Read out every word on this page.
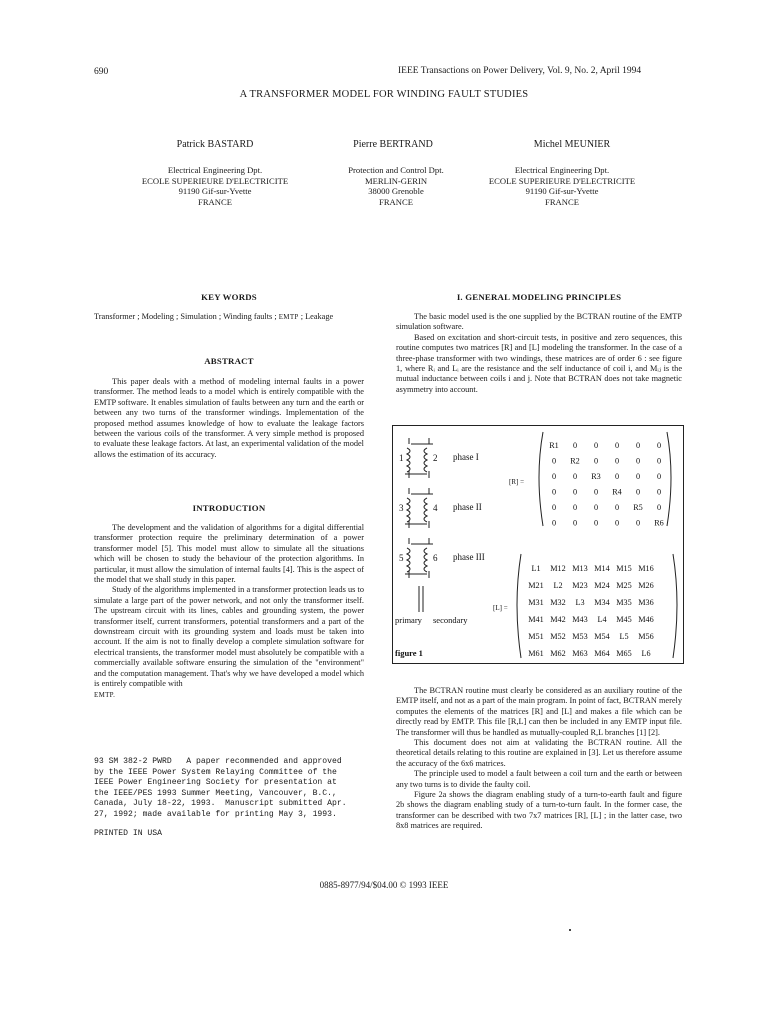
690	IEEE Transactions on Power Delivery, Vol. 9, No. 2, April 1994
A TRANSFORMER MODEL FOR WINDING FAULT STUDIES
Patrick BASTARD	Pierre BERTRAND	Michel MEUNIER
Electrical Engineering Dpt.
ECOLE SUPERIEURE D'ELECTRICITE
91190 Gif-sur-Yvette
FRANCE
Protection and Control Dpt.
MERLIN-GERIN
38000 Grenoble
FRANCE
Electrical Engineering Dpt.
ECOLE SUPERIEURE D'ELECTRICITE
91190 Gif-sur-Yvette
FRANCE
KEY WORDS
Transformer ; Modeling ; Simulation ; Winding faults ; EMTP ; Leakage
ABSTRACT

This paper deals with a method of modeling internal faults in a power transformer. The method leads to a model which is entirely compatible with the EMTP software. It enables simulation of faults between any turn and the earth or between any two turns of the transformer windings. Implementation of the proposed method assumes knowledge of how to evaluate the leakage factors between the various coils of the transformer. A very simple method is proposed to evaluate these leakage factors. At last, an experimental validation of the model allows the estimation of its accuracy.

INTRODUCTION

The development and the validation of algorithms for a digital differential transformer protection require the preliminary determination of a power transformer model [5]. This model must allow to simulate all the situations which will be chosen to study the behaviour of the protection algorithms. In particular, it must allow the simulation of internal faults [4]. This is the aspect of the model that we shall study in this paper.

Study of the algorithms implemented in a transformer protection leads us to simulate a large part of the power network, and not only the transformer itself. The upstream circuit with its lines, cables and grounding system, the power transformer itself, current transformers, potential transformers and a part of the downstream circuit with its grounding system and loads must be taken into account. If the aim is not to finally develop a complete simulation software for electrical transients, the transformer model must absolutely be compatible with a commercially available software ensuring the simulation of the "environment" and the computation management. That's why we have developed a model which is entirely compatible with

EMTP.

93 SM 382-2 PWRD   A paper recommended and approved
by the IEEE Power System Relaying Committee of the
IEEE Power Engineering Society for presentation at
the IEEE/PES 1993 Summer Meeting, Vancouver, B.C.,
Canada, July 18-22, 1993.  Manuscript submitted Apr.
27, 1992; made available for printing May 3, 1993.
PRINTED IN USA
I. GENERAL MODELING PRINCIPLES

The basic model used is the one supplied by the BCTRAN routine of the EMTP simulation software.

Based on excitation and short-circuit tests, in positive and zero sequences, this routine computes two matrices [R] and [L] modeling the transformer. In the case of a three-phase transformer with two windings, these matrices are of order 6 : see figure 1, where Rᵢ and Lᵢ are the resistance and the self inductance of coil i, and Mᵢⱼ is the mutual inductance between coils i and j. Note that BCTRAN does not take magnetic asymmetry into account.

1	2 phase I
3	4 phase II
5	6 phase III
primary secondary
figure 1
[R] =
[L] =
R1 0 0 0 0 0
0 R2 0 0 0 0
0 0 R3 0 0 0
0 0 0 R4 0 0
0 0 0 0 R5 0
0 0 0 0 0 R6
L1 M12 M13 M14 M15 M16
M21 L2 M23 M24 M25 M26
M31 M32 L3 M34 M35 M36
M41 M42 M43 L4 M45 M46
M51 M52 M53 M54 L5 M56
M61 M62 M63 M64 M65 L6

The BCTRAN routine must clearly be considered as an auxiliary routine of the EMTP itself, and not as a part of the main program. In point of fact, BCTRAN merely computes the elements of the matrices [R] and [L] and makes a file which can be directly read by EMTP. This file [R,L] can then be included in any EMTP input file. The transformer will thus be handled as mutually-coupled R,L branches [1] [2].

This document does not aim at validating the BCTRAN routine. All the theoretical details relating to this routine are explained in [3]. Let us therefore assume the accuracy of the 6x6 matrices.

The principle used to model a fault between a coil turn and the earth or between any two turns is to divide the faulty coil.

Figure 2a shows the diagram enabling study of a turn-to-earth fault and figure 2b shows the diagram enabling study of a turn-to-turn fault. In the former case, the transformer can be described with two 7x7 matrices [R], [L] ; in the latter case, two 8x8 matrices are required.

0885-8977/94/$04.00 © 1993 IEEE
